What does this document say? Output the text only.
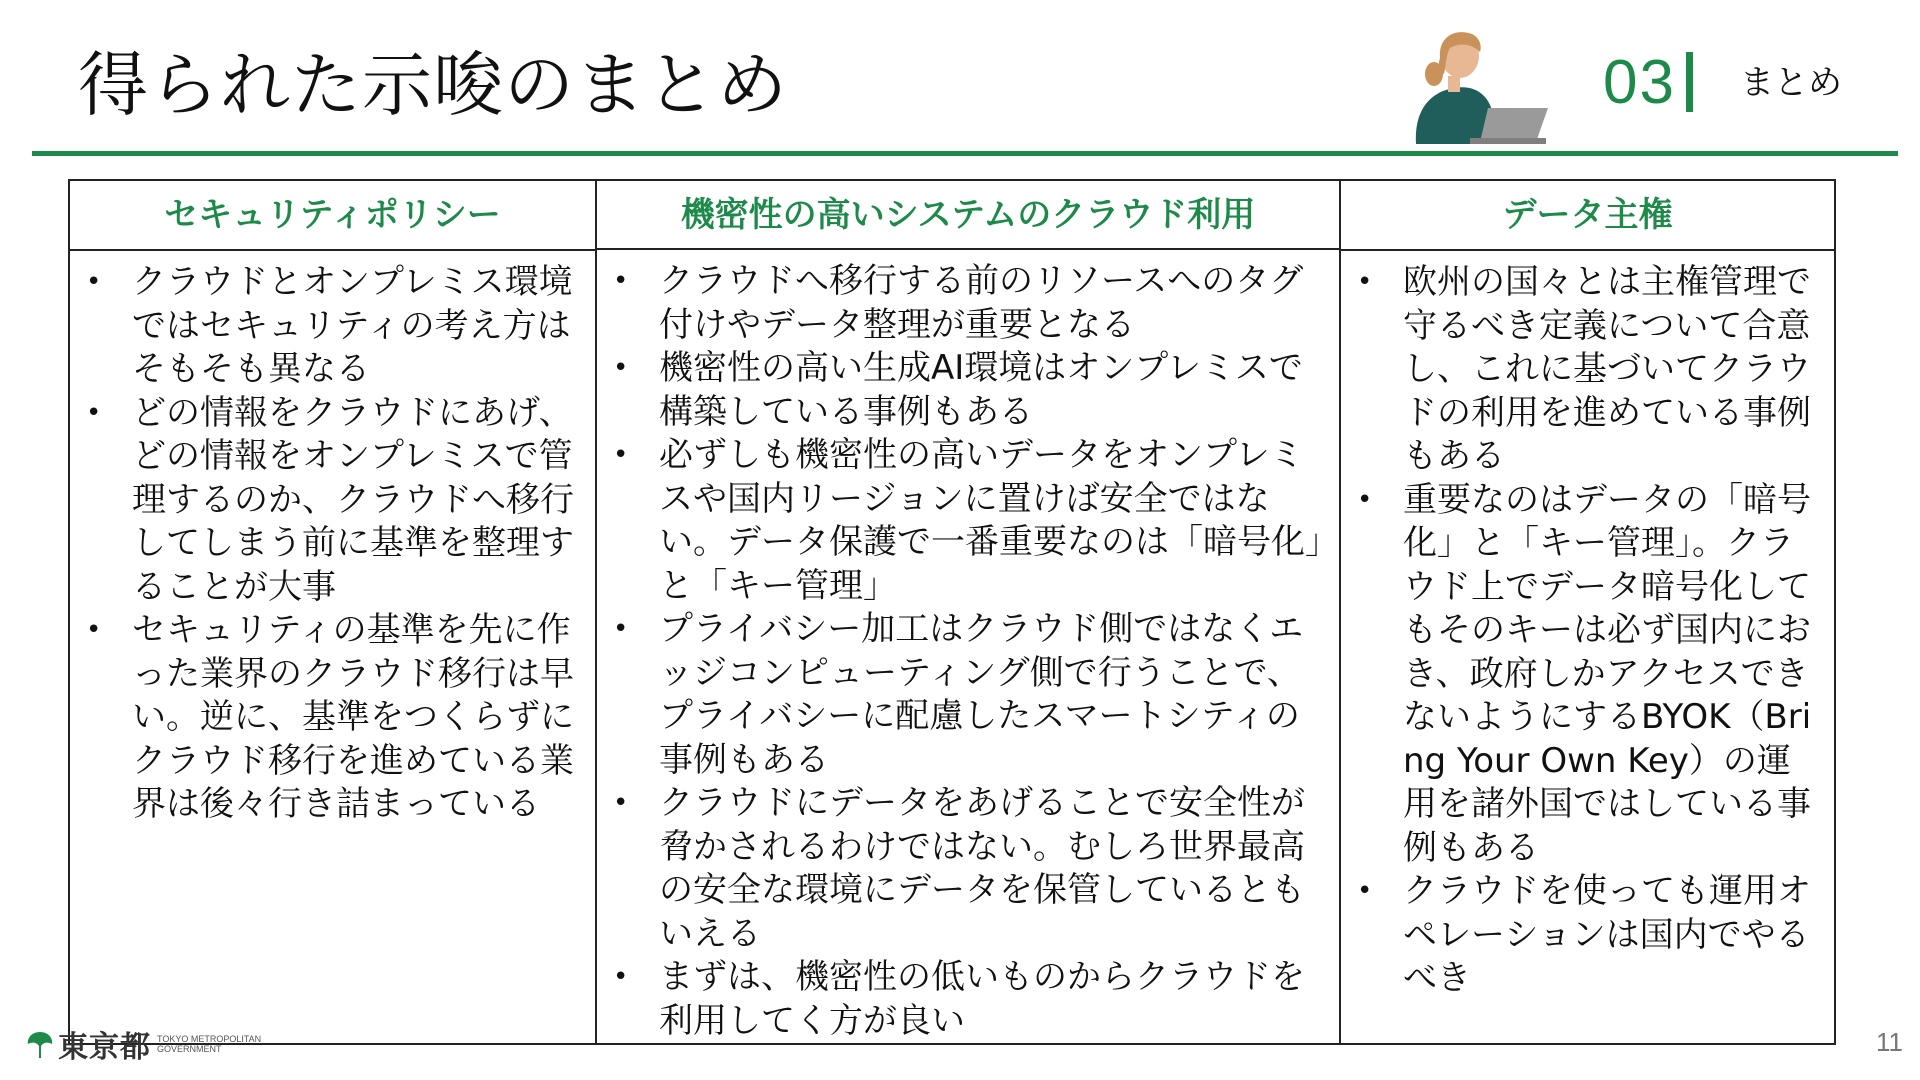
得られた示唆のまとめ	03 まとめ
セキュリティポリシー
• クラウドとオンプレミス環境ではセキュリティの考え方はそもそも異なる
• どの情報をクラウドにあげ、どの情報をオンプレミスで管理するのか、クラウドへ移行してしまう前に基準を整理することが大事
• セキュリティの基準を先に作った業界のクラウド移行は早い。逆に、基準をつくらずにクラウド移行を進めている業界は後々行き詰まっている
機密性の高いシステムのクラウド利用
• クラウドへ移行する前のリソースへのタグ付けやデータ整理が重要となる
• 機密性の高い生成AI環境はオンプレミスで構築している事例もある
• 必ずしも機密性の高いデータをオンプレミスや国内リージョンに置けば安全ではない。データ保護で一番重要なのは「暗号化」と「キー管理」
• プライバシー加工はクラウド側ではなくエッジコンピューティング側で行うことで、プライバシーに配慮したスマートシティの事例もある
• クラウドにデータをあげることで安全性が脅かされるわけではない。むしろ世界最高の安全な環境にデータを保管しているともいえる
• まずは、機密性の低いものからクラウドを利用してく方が良い
データ主権
• 欧州の国々とは主権管理で守るべき定義について合意し、これに基づいてクラウドの利用を進めている事例もある
• 重要なのはデータの「暗号化」と「キー管理」。クラウド上でデータ暗号化してもそのキーは必ず国内におき、政府しかアクセスできないようにするBYOK（Bring Your Own Key）の運用を諸外国ではしている事例もある
• クラウドを使っても運用オペレーションは国内でやるべき
東京都 TOKYO METROPOLITAN
GOVERNMENT	11
